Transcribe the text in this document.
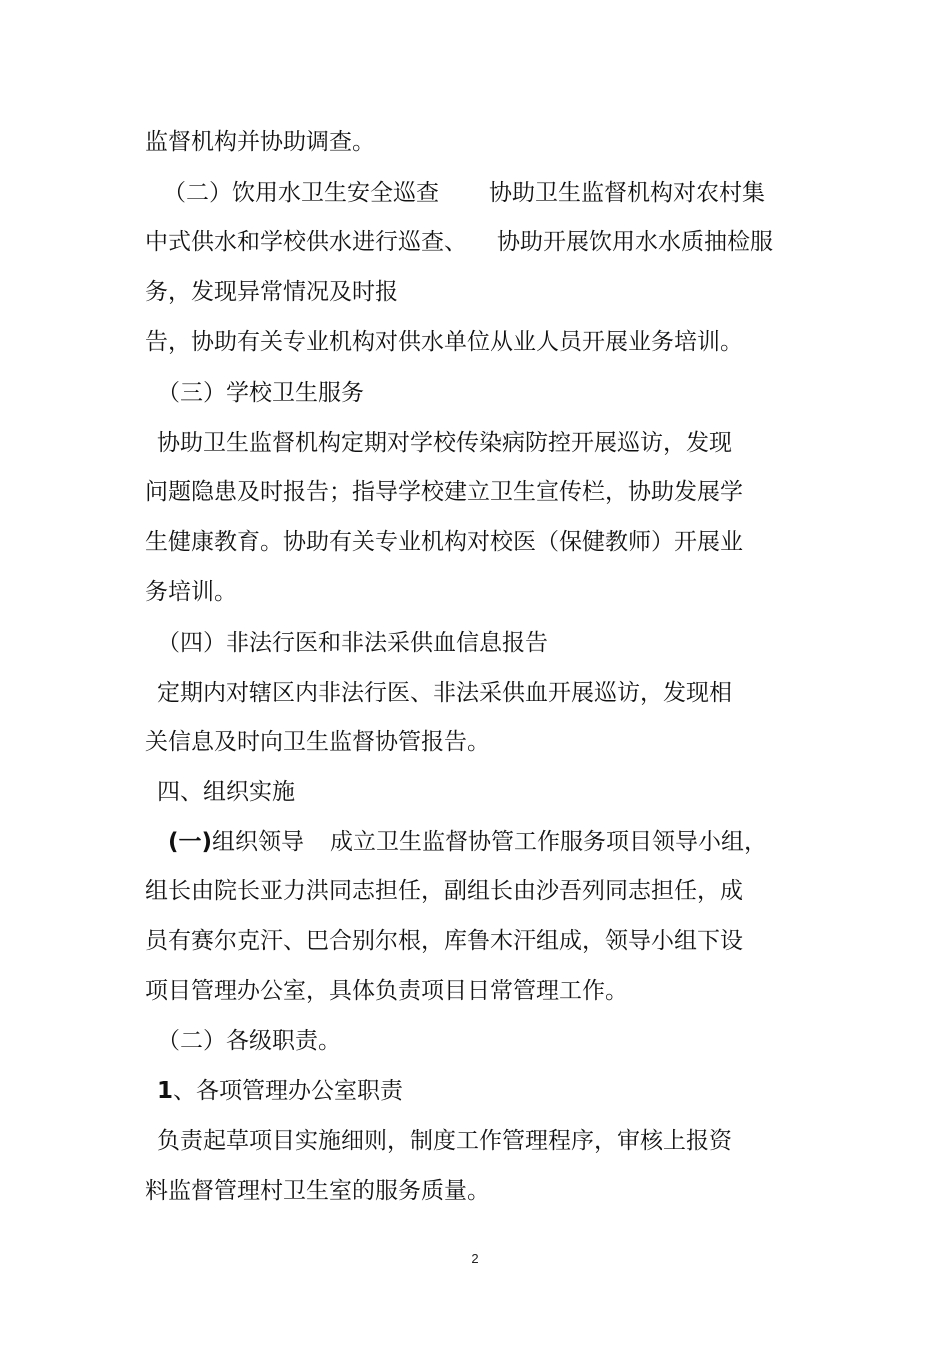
监督机构并协助调查。
（二）饮用水卫生安全巡查 协助卫生监督机构对农村集
中式供水和学校供水进行巡查、 协助开展饮用水水质抽检服
务，发现异常情况及时报
告，协助有关专业机构对供水单位从业人员开展业务培训。
（三）学校卫生服务
协助卫生监督机构定期对学校传染病防控开展巡访，发现
问题隐患及时报告；指导学校建立卫生宣传栏，协助发展学
生健康教育。协助有关专业机构对校医（保健教师）开展业
务培训。
（四）非法行医和非法采供血信息报告
定期内对辖区内非法行医、非法采供血开展巡访，发现相
关信息及时向卫生监督协管报告。
四、组织实施
(一)组织领导 成立卫生监督协管工作服务项目领导小组，
组长由院长亚力洪同志担任，副组长由沙吾列同志担任，成
员有赛尔克汗、巴合别尔根，库鲁木汗组成，领导小组下设
项目管理办公室，具体负责项目日常管理工作。
（二）各级职责。
1、各项管理办公室职责
负责起草项目实施细则，制度工作管理程序，审核上报资
料监督管理村卫生室的服务质量。
2
